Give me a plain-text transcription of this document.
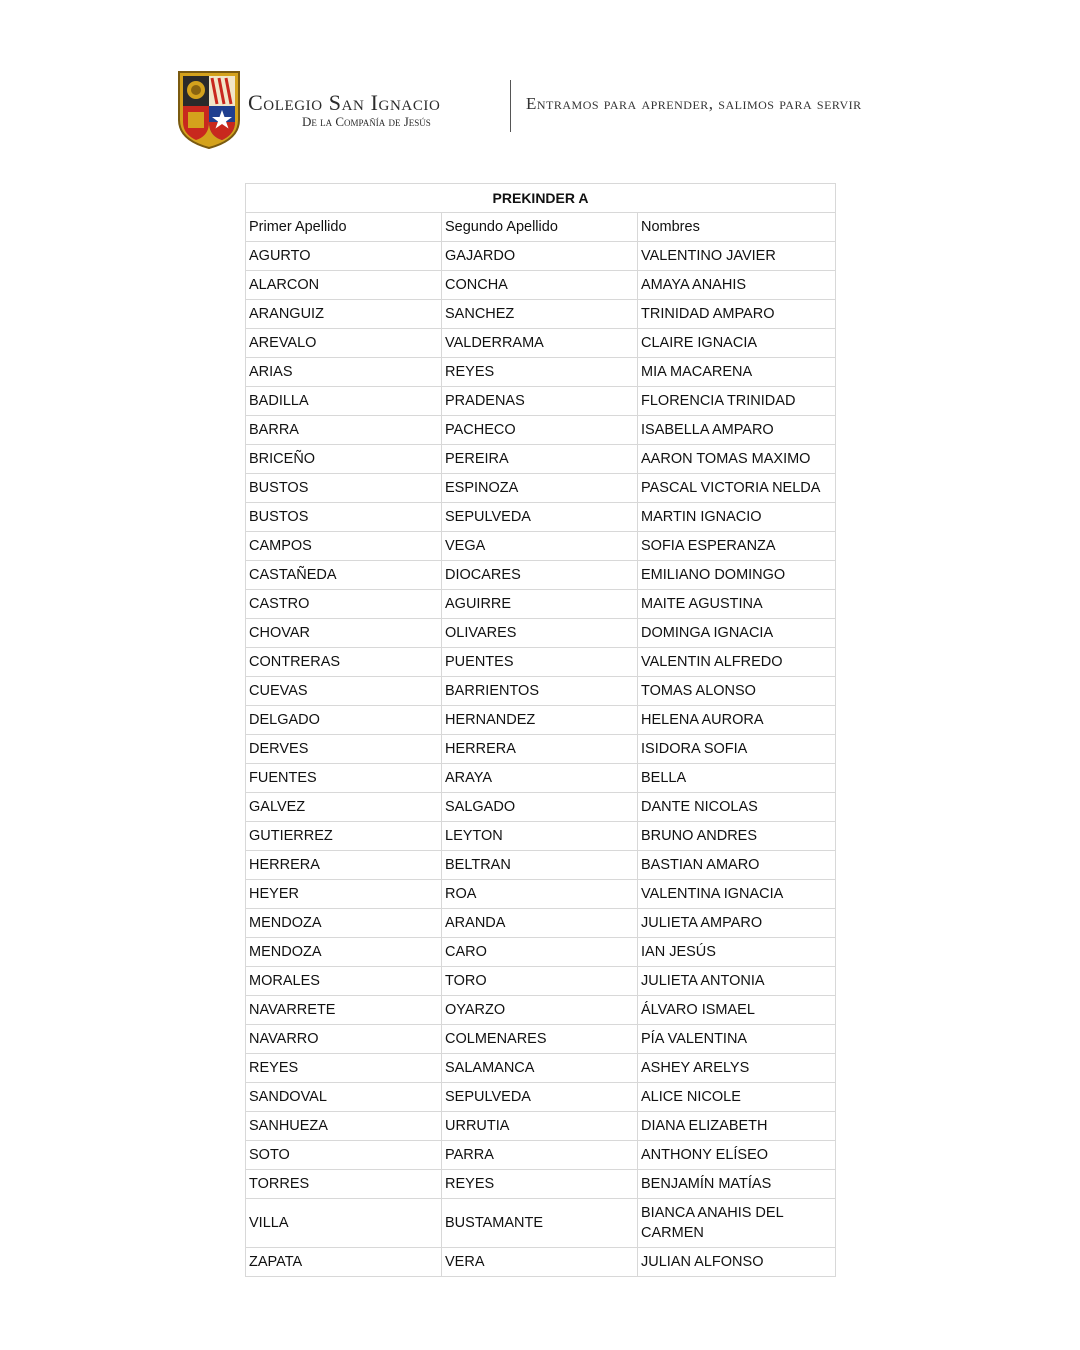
Colegio San Ignacio
De la Compañía de Jesús
Entramos para aprender, salimos para servir
PREKINDER A		
Primer Apellido	Segundo Apellido	Nombres
AGURTO	GAJARDO	VALENTINO JAVIER
ALARCON	CONCHA	AMAYA ANAHIS
ARANGUIZ	SANCHEZ	TRINIDAD AMPARO
AREVALO	VALDERRAMA	CLAIRE IGNACIA
ARIAS	REYES	MIA MACARENA
BADILLA	PRADENAS	FLORENCIA TRINIDAD
BARRA	PACHECO	ISABELLA AMPARO
BRICEÑO	PEREIRA	AARON TOMAS MAXIMO
BUSTOS	ESPINOZA	PASCAL VICTORIA NELDA
BUSTOS	SEPULVEDA	MARTIN IGNACIO
CAMPOS	VEGA	SOFIA ESPERANZA
CASTAÑEDA	DIOCARES	EMILIANO DOMINGO
CASTRO	AGUIRRE	MAITE AGUSTINA
CHOVAR	OLIVARES	DOMINGA IGNACIA
CONTRERAS	PUENTES	VALENTIN ALFREDO
CUEVAS	BARRIENTOS	TOMAS ALONSO
DELGADO	HERNANDEZ	HELENA AURORA
DERVES	HERRERA	ISIDORA SOFIA
FUENTES	ARAYA	BELLA
GALVEZ	SALGADO	DANTE NICOLAS
GUTIERREZ	LEYTON	BRUNO ANDRES
HERRERA	BELTRAN	BASTIAN AMARO
HEYER	ROA	VALENTINA IGNACIA
MENDOZA	ARANDA	JULIETA AMPARO
MENDOZA	CARO	IAN JESÚS
MORALES	TORO	JULIETA ANTONIA
NAVARRETE	OYARZO	ÁLVARO ISMAEL
NAVARRO	COLMENARES	PÍA VALENTINA
REYES	SALAMANCA	ASHEY ARELYS
SANDOVAL	SEPULVEDA	ALICE NICOLE
SANHUEZA	URRUTIA	DIANA ELIZABETH
SOTO	PARRA	ANTHONY ELÍSEO
TORRES	REYES	BENJAMÍN MATÍAS
VILLA	BUSTAMANTE	BIANCA ANAHIS DEL CARMEN
ZAPATA	VERA	JULIAN ALFONSO
